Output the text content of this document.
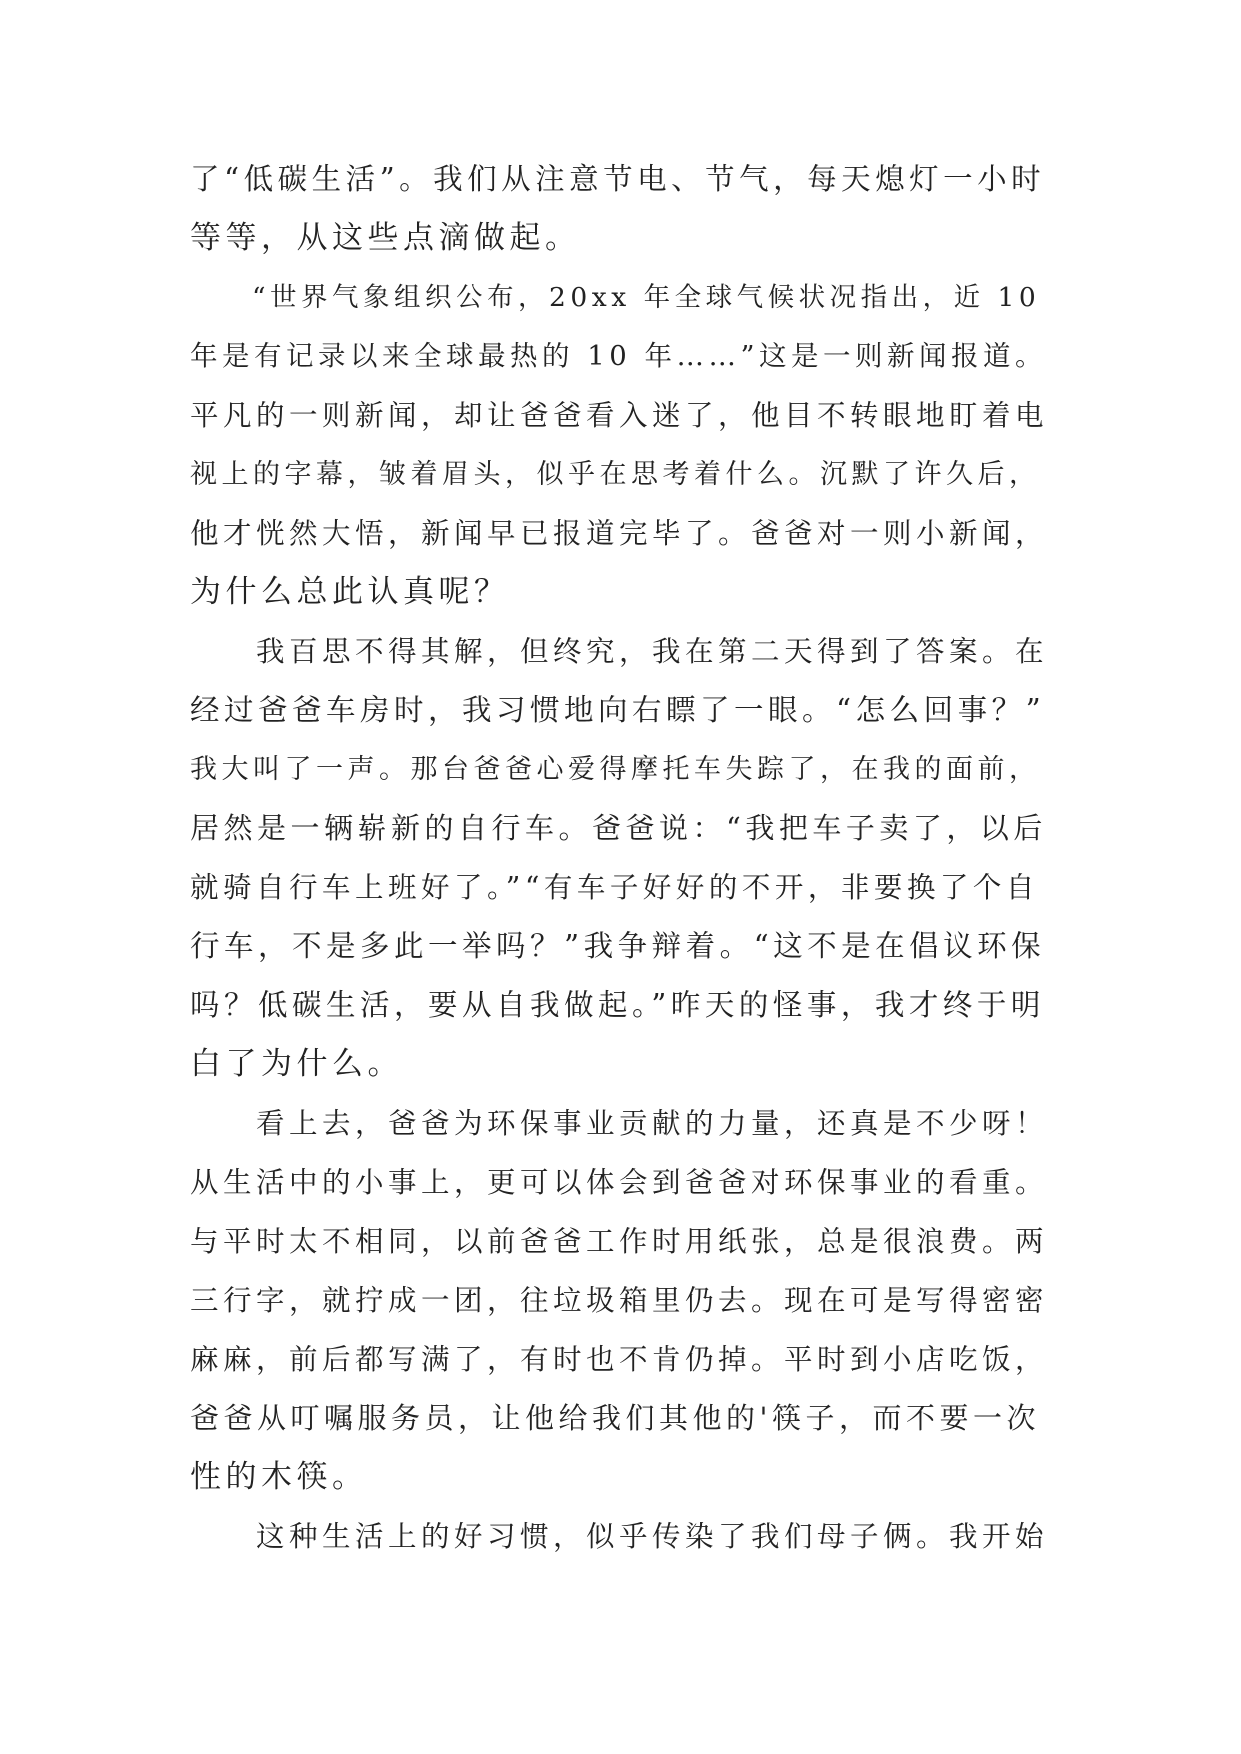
了“低碳生活”。我们从注意节电、节气，每天熄灯一小时
等等，从这些点滴做起。
　　“世界气象组织公布，20xx 年全球气候状况指出，近 10
年是有记录以来全球最热的 10 年……”这是一则新闻报道。
平凡的一则新闻，却让爸爸看入迷了，他目不转眼地盯着电
视上的字幕，皱着眉头，似乎在思考着什么。沉默了许久后，
他才恍然大悟，新闻早已报道完毕了。爸爸对一则小新闻，
为什么总此认真呢？
　　我百思不得其解，但终究，我在第二天得到了答案。在
经过爸爸车房时，我习惯地向右瞟了一眼。“怎么回事？”
我大叫了一声。那台爸爸心爱得摩托车失踪了，在我的面前，
居然是一辆崭新的自行车。爸爸说：“我把车子卖了，以后
就骑自行车上班好了。”“有车子好好的不开，非要换了个自
行车，不是多此一举吗？”我争辩着。“这不是在倡议环保
吗？低碳生活，要从自我做起。”昨天的怪事，我才终于明
白了为什么。
　　看上去，爸爸为环保事业贡献的力量，还真是不少呀！
从生活中的小事上，更可以体会到爸爸对环保事业的看重。
与平时太不相同，以前爸爸工作时用纸张，总是很浪费。两
三行字，就拧成一团，往垃圾箱里仍去。现在可是写得密密
麻麻，前后都写满了，有时也不肯仍掉。平时到小店吃饭，
爸爸从叮嘱服务员，让他给我们其他的'筷子，而不要一次
性的木筷。
　　这种生活上的好习惯，似乎传染了我们母子俩。我开始
